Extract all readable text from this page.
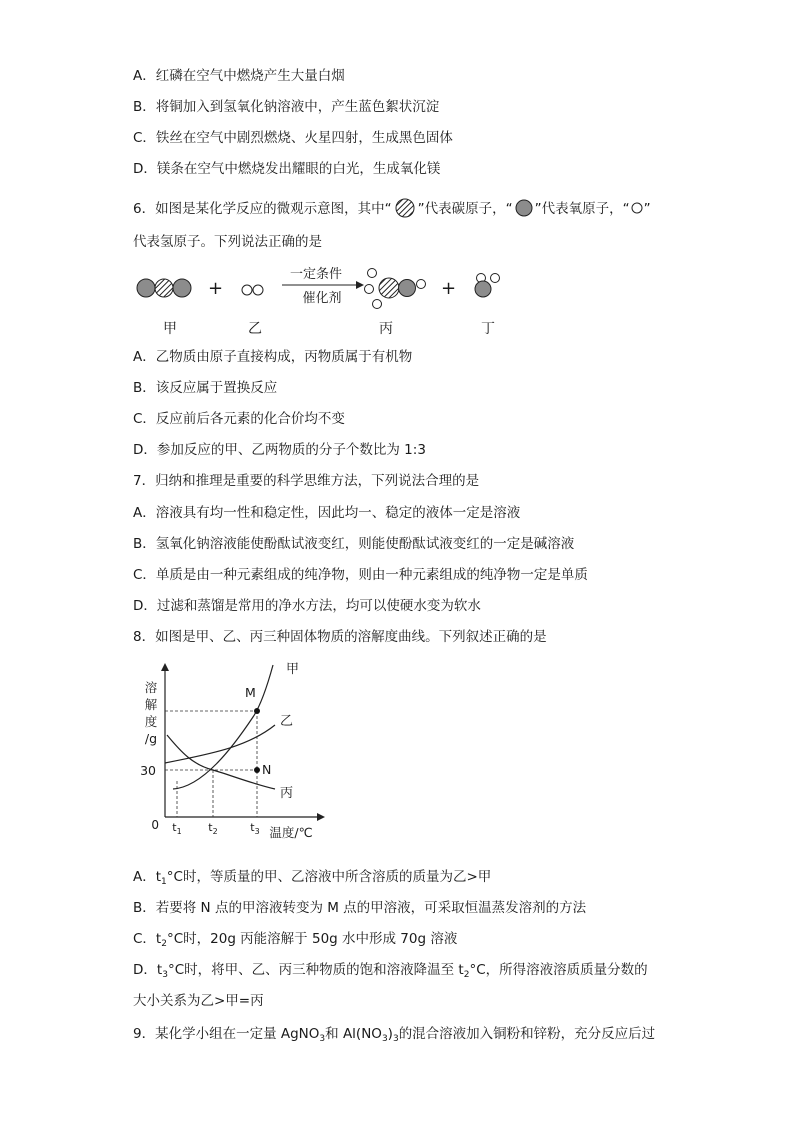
A．红磷在空气中燃烧产生大量白烟
B．将铜加入到氢氧化钠溶液中，产生蓝色絮状沉淀
C．铁丝在空气中剧烈燃烧、火星四射，生成黑色固体
D．镁条在空气中燃烧发出耀眼的白光，生成氧化镁
6．如图是某化学反应的微观示意图，其中“ ”代表碳原子，“ ”代表氧原子，“ ”
代表氢原子。下列说法正确的是
+
一定条件
催化剂	+
甲	乙	丙	丁
A．乙物质由原子直接构成，丙物质属于有机物
B．该反应属于置换反应
C．反应前后各元素的化合价均不变
D．参加反应的甲、乙两物质的分子个数比为 1:3
7．归纳和推理是重要的科学思维方法，下列说法合理的是
A．溶液具有均一性和稳定性，因此均一、稳定的液体一定是溶液
B．氢氧化钠溶液能使酚酞试液变红，则能使酚酞试液变红的一定是碱溶液
C．单质是由一种元素组成的纯净物，则由一种元素组成的纯净物一定是单质
D．过滤和蒸馏是常用的净水方法，均可以使硬水变为软水
8．如图是甲、乙、丙三种固体物质的溶解度曲线。下列叙述正确的是
溶
解
度
/g
30
0 $t_1$ $t_2$	$t_3$ 温度/℃
M
N
甲
乙
丙
A．$t_1^\circ C$时，等质量的甲、乙溶液中所含溶质的质量为乙>甲
B．若要将 N 点的甲溶液转变为 M 点的甲溶液，可采取恒温蒸发溶剂的方法
C．$t_2^\circ C$时，20g 丙能溶解于 50g 水中形成 70g 溶液
D．$t_3^\circ C$时，将甲、乙、丙三种物质的饱和溶液降温至 $t_2^\circ C$，所得溶液溶质质量分数的
大小关系为乙>甲=丙
9．某化学小组在一定量 AgNO$_3$和 $Al(NO_3)_3$的混合溶液加入铜粉和锌粉，充分反应后过
